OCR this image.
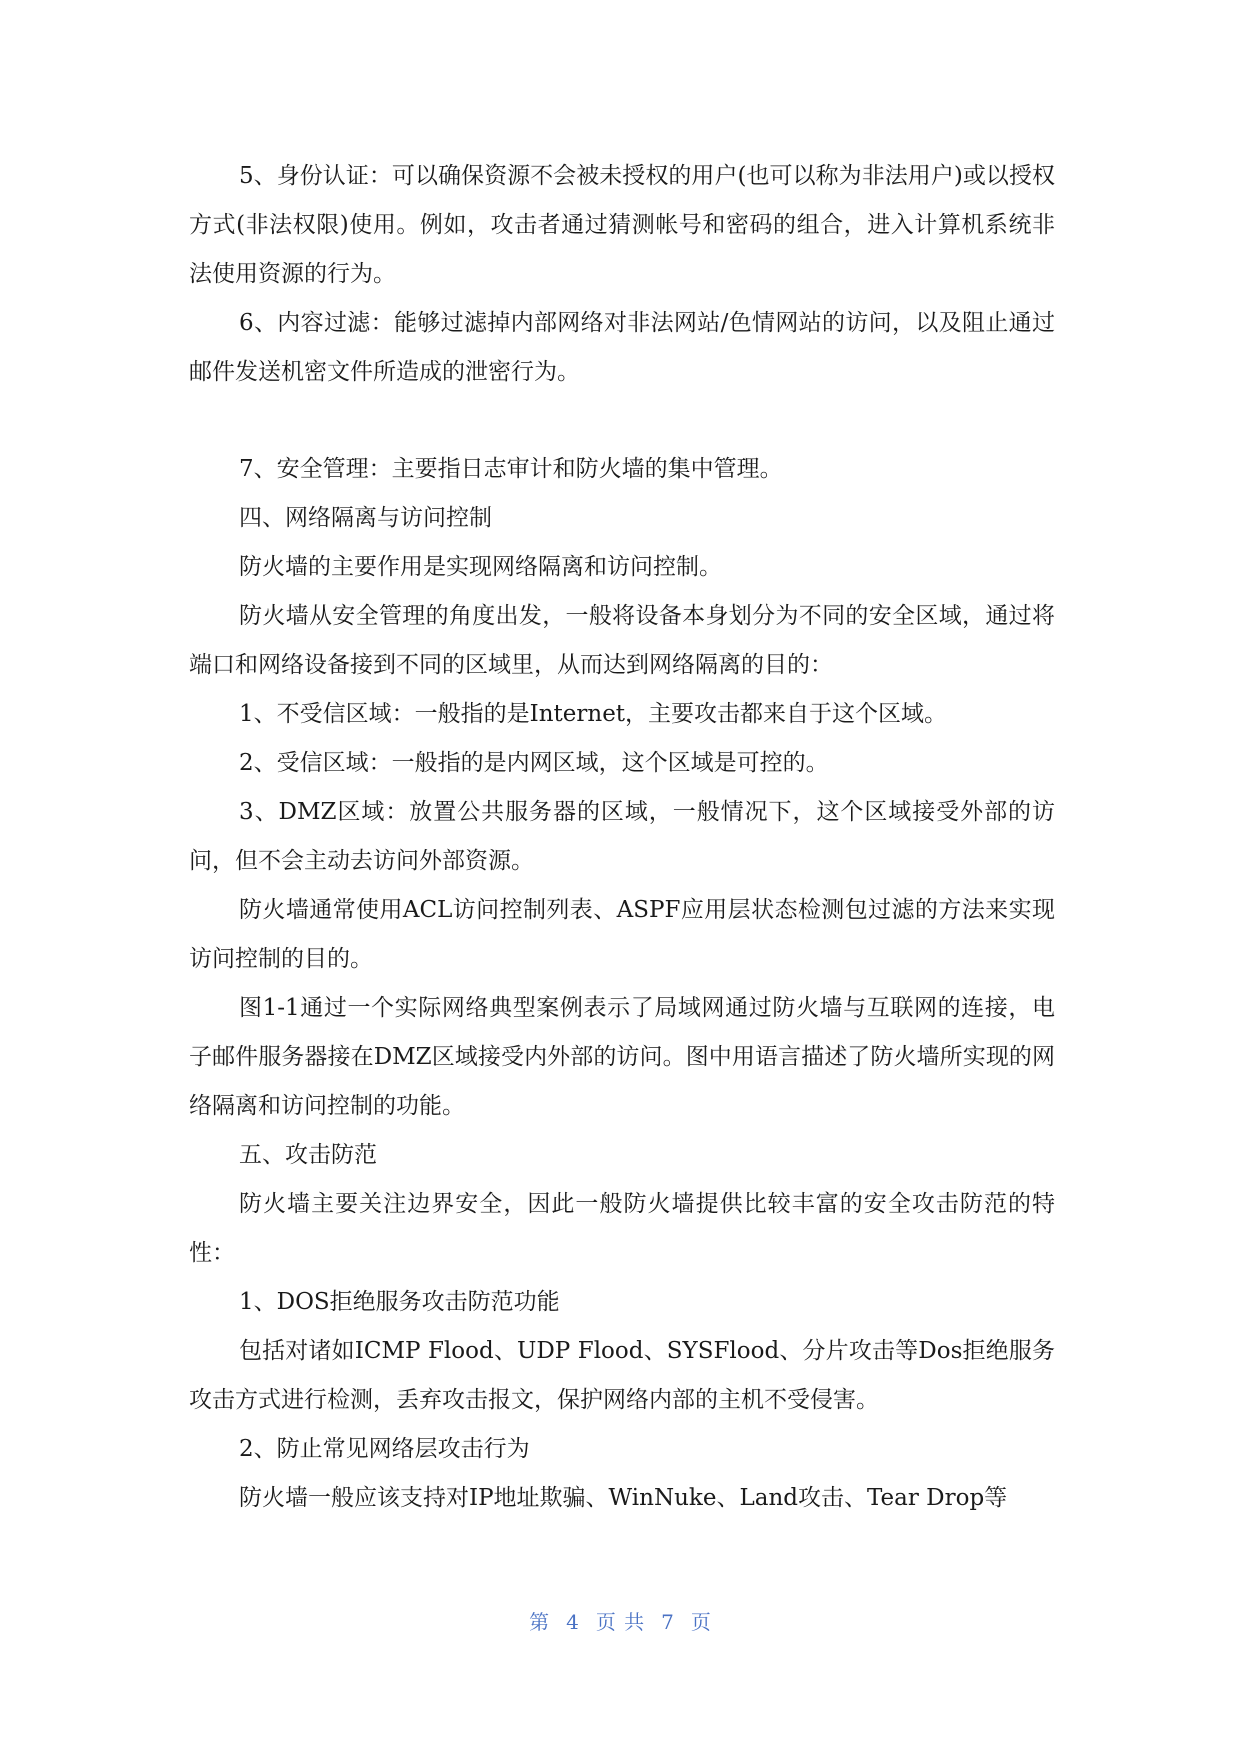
5、身份认证：可以确保资源不会被未授权的用户(也可以称为非法用户)或以授权方式(非法权限)使用。例如，攻击者通过猜测帐号和密码的组合，进入计算机系统非法使用资源的行为。

6、内容过滤：能够过滤掉内部网络对非法网站/色情网站的访问，以及阻止通过邮件发送机密文件所造成的泄密行为。

7、安全管理：主要指日志审计和防火墙的集中管理。

四、网络隔离与访问控制

防火墙的主要作用是实现网络隔离和访问控制。

防火墙从安全管理的角度出发，一般将设备本身划分为不同的安全区域，通过将端口和网络设备接到不同的区域里，从而达到网络隔离的目的：

1、不受信区域：一般指的是Internet，主要攻击都来自于这个区域。

2、受信区域：一般指的是内网区域，这个区域是可控的。

3、DMZ区域：放置公共服务器的区域，一般情况下，这个区域接受外部的访问，但不会主动去访问外部资源。

防火墙通常使用ACL访问控制列表、ASPF应用层状态检测包过滤的方法来实现访问控制的目的。

图1-1通过一个实际网络典型案例表示了局域网通过防火墙与互联网的连接，电子邮件服务器接在DMZ区域接受内外部的访问。图中用语言描述了防火墙所实现的网络隔离和访问控制的功能。

五、攻击防范

防火墙主要关注边界安全，因此一般防火墙提供比较丰富的安全攻击防范的特性：

1、DOS拒绝服务攻击防范功能

包括对诸如ICMP Flood、UDP Flood、SYSFlood、分片攻击等Dos拒绝服务攻击方式进行检测，丢弃攻击报文，保护网络内部的主机不受侵害。

2、防止常见网络层攻击行为

防火墙一般应该支持对IP地址欺骗、WinNuke、Land攻击、Tear Drop等

第 4 页 共 7 页
